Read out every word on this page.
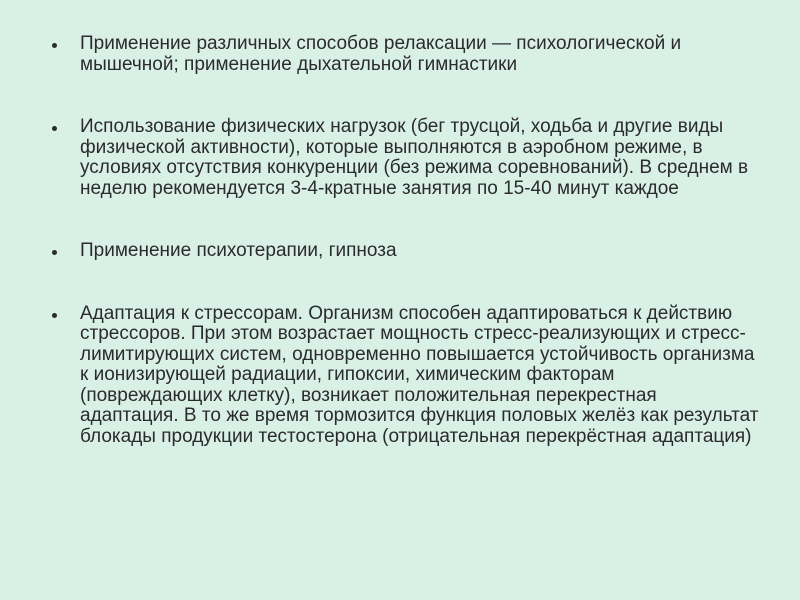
Применение различных способов релаксации — психологической и мышечной; применение дыхательной гимнастики
Использование физических нагрузок (бег трусцой, ходьба и другие виды физической активности), которые выполняются в аэробном режиме, в условиях отсутствия конкуренции (без режима соревнований). В среднем в неделю рекомендуется 3-4-кратные занятия по 15-40 минут каждое
Применение психотерапии, гипноза
Адаптация к стрессорам. Организм способен адаптироваться к действию стрессоров. При этом возрастает мощность стресс-реализующих и стресс-лимитирующих систем, одновременно повышается устойчивость организма к ионизирующей радиации, гипоксии, химическим факторам (повреждающих клетку), возникает положительная перекрестная адаптация. В то же время тормозится функция половых желёз как результат блокады продукции тестостерона (отрицательная перекрёстная адаптация)
